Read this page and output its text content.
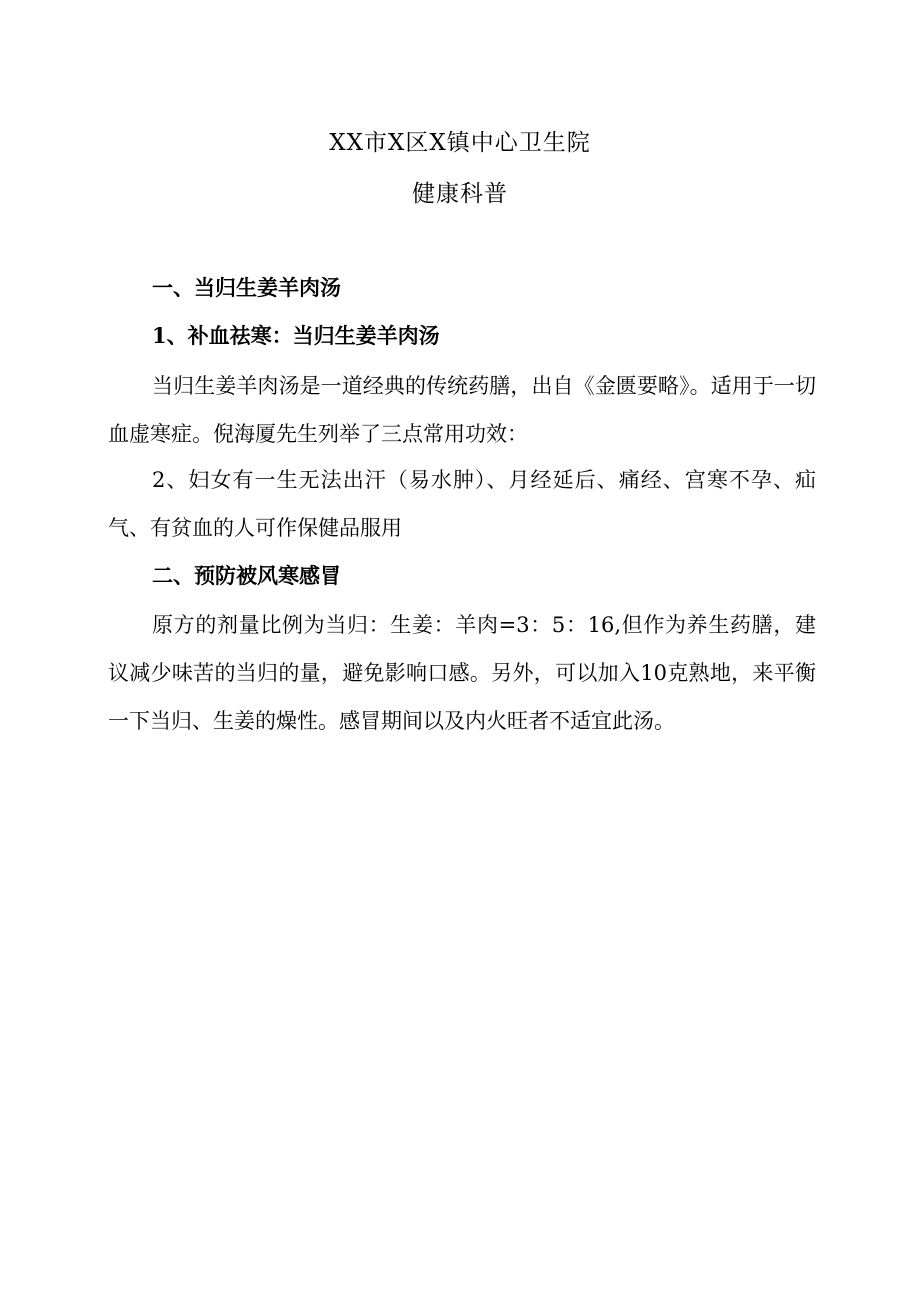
XX市X区X镇中心卫生院
健康科普
一、当归生姜羊肉汤
1、补血祛寒：当归生姜羊肉汤
当归生姜羊肉汤是一道经典的传统药膳，出自《金匮要略》。适用于一切血虚寒症。倪海厦先生列举了三点常用功效：
2、妇女有一生无法出汗（易水肿）、月经延后、痛经、宫寒不孕、疝气、有贫血的人可作保健品服用
二、预防被风寒感冒
原方的剂量比例为当归：生姜：羊肉=3：5：16,但作为养生药膳，建议减少味苦的当归的量，避免影响口感。另外，可以加入10克熟地，来平衡一下当归、生姜的燥性。感冒期间以及内火旺者不适宜此汤。
